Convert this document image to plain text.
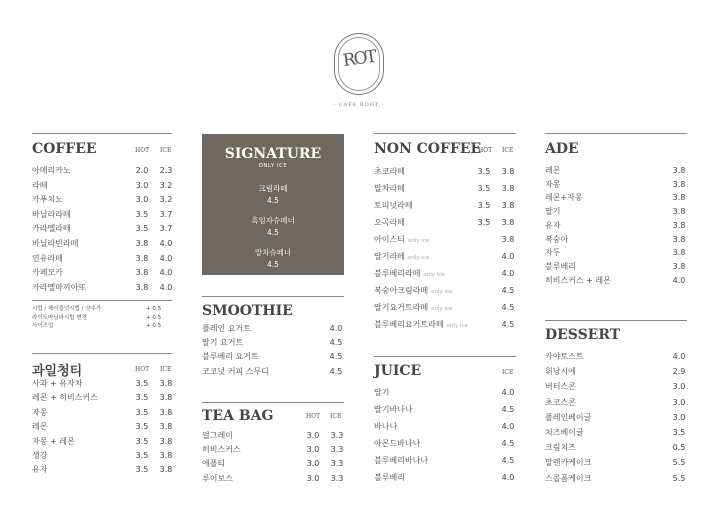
ROT
- CAFE ROOT -
COFFEE	HOT ICE
아메리카노	2.0 2.3
라떼	3.0 3.2
카푸치노	3.0 3.2
바닐라라떼	3.5 3.7
카라멜라떼	3.5 3.7
바닐라빈라떼	3.8 4.0
연유라떼	3.8 4.0
카페모카	3.8 4.0
카라멜마끼아또	3.8 4.0
시럽 / 헤이즐넛시럽 / 샷추가	+ 0.5
라이트바닐라시럽 변경	+ 0.5
사이즈업	+ 0.5
과일청티	HOT ICE
사과 + 유자차	3.5 3.8
레몬 + 히비스커스	3.5 3.8
자몽	3.5 3.8
레몬	3.5 3.8
자몽 + 레몬	3.5 3.8
생강	3.5 3.8
유자	3.5 3.8
SIGNATURE
ONLY ICE
크림라떼
4.5
흑임자슈페너
4.5
말차슈페너
4.5
SMOOTHIE
플레인 요거트	4.0
딸기 요거트	4.5
블루베리 요거트	4.5
코코넛 커피 스무디	4.5
TEA BAG	HOT ICE
얼그레이	3.0 3.3
히비스커스	3.0 3.3
애플티	3.0 3.3
루이보스	3.0 3.3
NON COFFEE
HOT ICE
초코라떼	3.5 3.8
말차라떼	3.5 3.8
토피넛라떼	3.5 3.8
오곡라떼	3.5 3.8
아이스티 only ice	3.8
딸기라떼 only ice	4.0
블루베리라떼 only ice	4.0
복숭아크림라떼 only ice	4.5
딸기요거트라떼 only ice	4.5
블루베리요거트라떼 only ice	4.5
JUICE	ICE
딸기	4.0
딸기바나나	4.5
바나나	4.0
아몬드바나나	4.5
블루베리바나나	4.5
블루베리	4.0
ADE
레몬	3.8
자몽	3.8
레몬+자몽	3.8
딸기	3.8
유자	3.8
복숭아	3.8
자두	3.8
블루베리	3.8
히비스커스 + 레몬	4.0
DESSERT
카야토스트	4.0
휘낭시에	2.9
버터스콘	3.0
초코스콘	3.0
플레인베이글	3.0
치즈베이글	3.5
크림치즈	0.5
말렌카케이크	5.5
스콥폼케이크	5.5
